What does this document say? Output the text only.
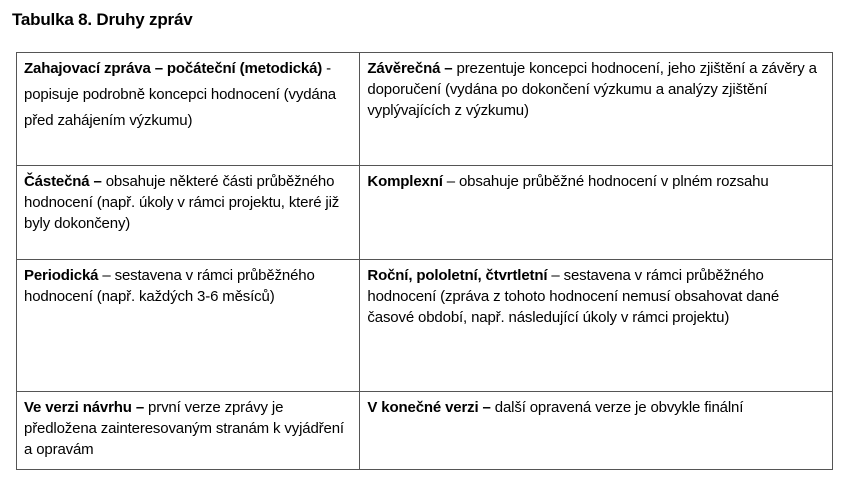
Tabulka 8. Druhy zpráv
Zahajovací zpráva – počáteční (metodická) - popisuje podrobně koncepci hodnocení (vydána před zahájením výzkumu)	Závěrečná – prezentuje koncepci hodnocení, jeho zjištění a závěry a doporučení (vydána po dokončení výzkumu a analýzy zjištění vyplývajících z výzkumu)
Částečná – obsahuje některé části průběžného hodnocení (např. úkoly v rámci projektu, které již byly dokončeny)	Komplexní – obsahuje průběžné hodnocení v plném rozsahu
Periodická – sestavena v rámci průběžného hodnocení (např. každých 3-6 měsíců)	Roční, pololetní, čtvrtletní – sestavena v rámci průběžného hodnocení (zpráva z tohoto hodnocení nemusí obsahovat dané časové období, např. následující úkoly v rámci projektu)
Ve verzi návrhu – první verze zprávy je předložena zainteresovaným stranám k vyjádření a opravám	V konečné verzi – další opravená verze je obvykle finální
